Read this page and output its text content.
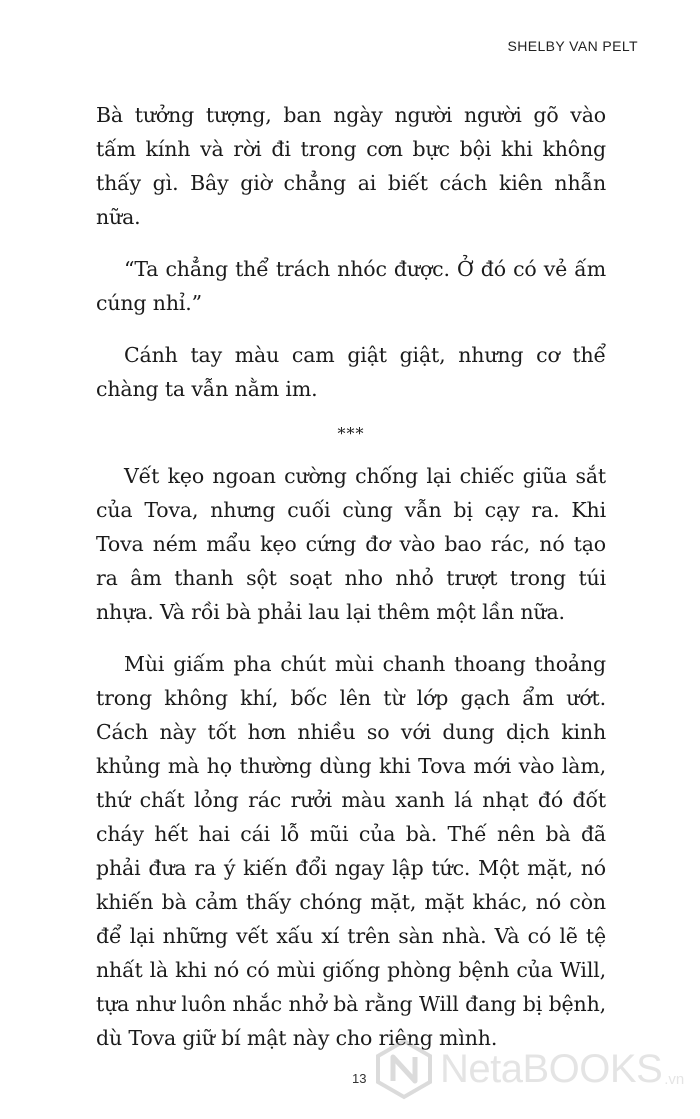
SHELBY VAN PELT

Bà tưởng tượng, ban ngày người người gõ vào tấm kính và rời đi trong cơn bực bội khi không thấy gì. Bây giờ chẳng ai biết cách kiên nhẫn nữa.

“Ta chẳng thể trách nhóc được. Ở đó có vẻ ấm cúng nhỉ.”

Cánh tay màu cam giật giật, nhưng cơ thể chàng ta vẫn nằm im.

***

Vết kẹo ngoan cường chống lại chiếc giũa sắt của Tova, nhưng cuối cùng vẫn bị cạy ra. Khi Tova ném mẩu kẹo cứng đơ vào bao rác, nó tạo ra âm thanh sột soạt nho nhỏ trượt trong túi nhựa. Và rồi bà phải lau lại thêm một lần nữa.

Mùi giấm pha chút mùi chanh thoang thoảng trong không khí, bốc lên từ lớp gạch ẩm ướt. Cách này tốt hơn nhiều so với dung dịch kinh khủng mà họ thường dùng khi Tova mới vào làm, thứ chất lỏng rác rưởi màu xanh lá nhạt đó đốt cháy hết hai cái lỗ mũi của bà. Thế nên bà đã phải đưa ra ý kiến đổi ngay lập tức. Một mặt, nó khiến bà cảm thấy chóng mặt, mặt khác, nó còn để lại những vết xấu xí trên sàn nhà. Và có lẽ tệ nhất là khi nó có mùi giống phòng bệnh của Will, tựa như luôn nhắc nhở bà rằng Will đang bị bệnh, dù Tova giữ bí mật này cho riêng mình.

13 NetaBOOKS .vn
